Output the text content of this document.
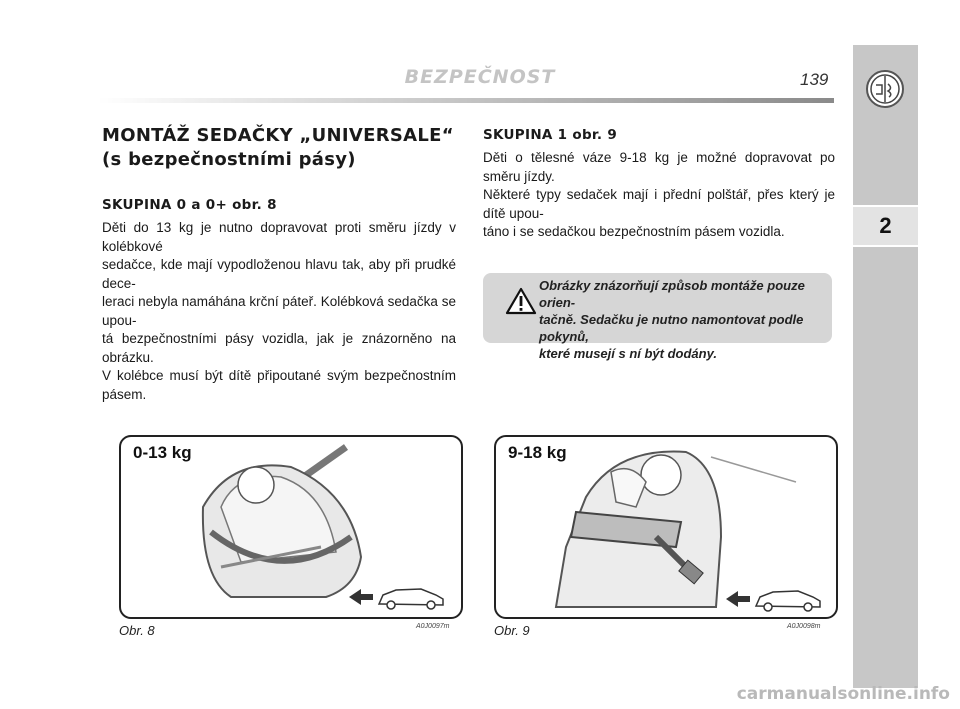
BEZPEČNOST	139
2
MONTÁŽ SEDAČKY „UNIVERSALE“
(s bezpečnostními pásy)
SKUPINA 0 a 0+ obr. 8

Děti do 13 kg je nutno dopravovat proti směru jízdy v kolébkové
sedačce, kde mají vypodloženou hlavu tak, aby při prudké dece-
leraci nebyla namáhána krční páteř. Kolébková sedačka se upou-
tá bezpečnostními pásy vozidla, jak je znázorněno na obrázku.
V kolébce musí být dítě připoutané svým bezpečnostním pásem.

SKUPINA 1 obr. 9

Děti o tělesné váze 9-18 kg je možné dopravovat po směru jízdy.
Některé typy sedaček mají i přední polštář, přes který je dítě upou-
táno i se sedačkou bezpečnostním pásem vozidla.

Obrázky znázorňují způsob montáže pouze orien-
tačně. Sedačku je nutno namontovat podle pokynů,
které musejí s ní být dodány.

0-13 kg
Obr. 8	A0J0097m
9-18 kg
Obr. 9	A0J0098m
carmanualsonline.info
